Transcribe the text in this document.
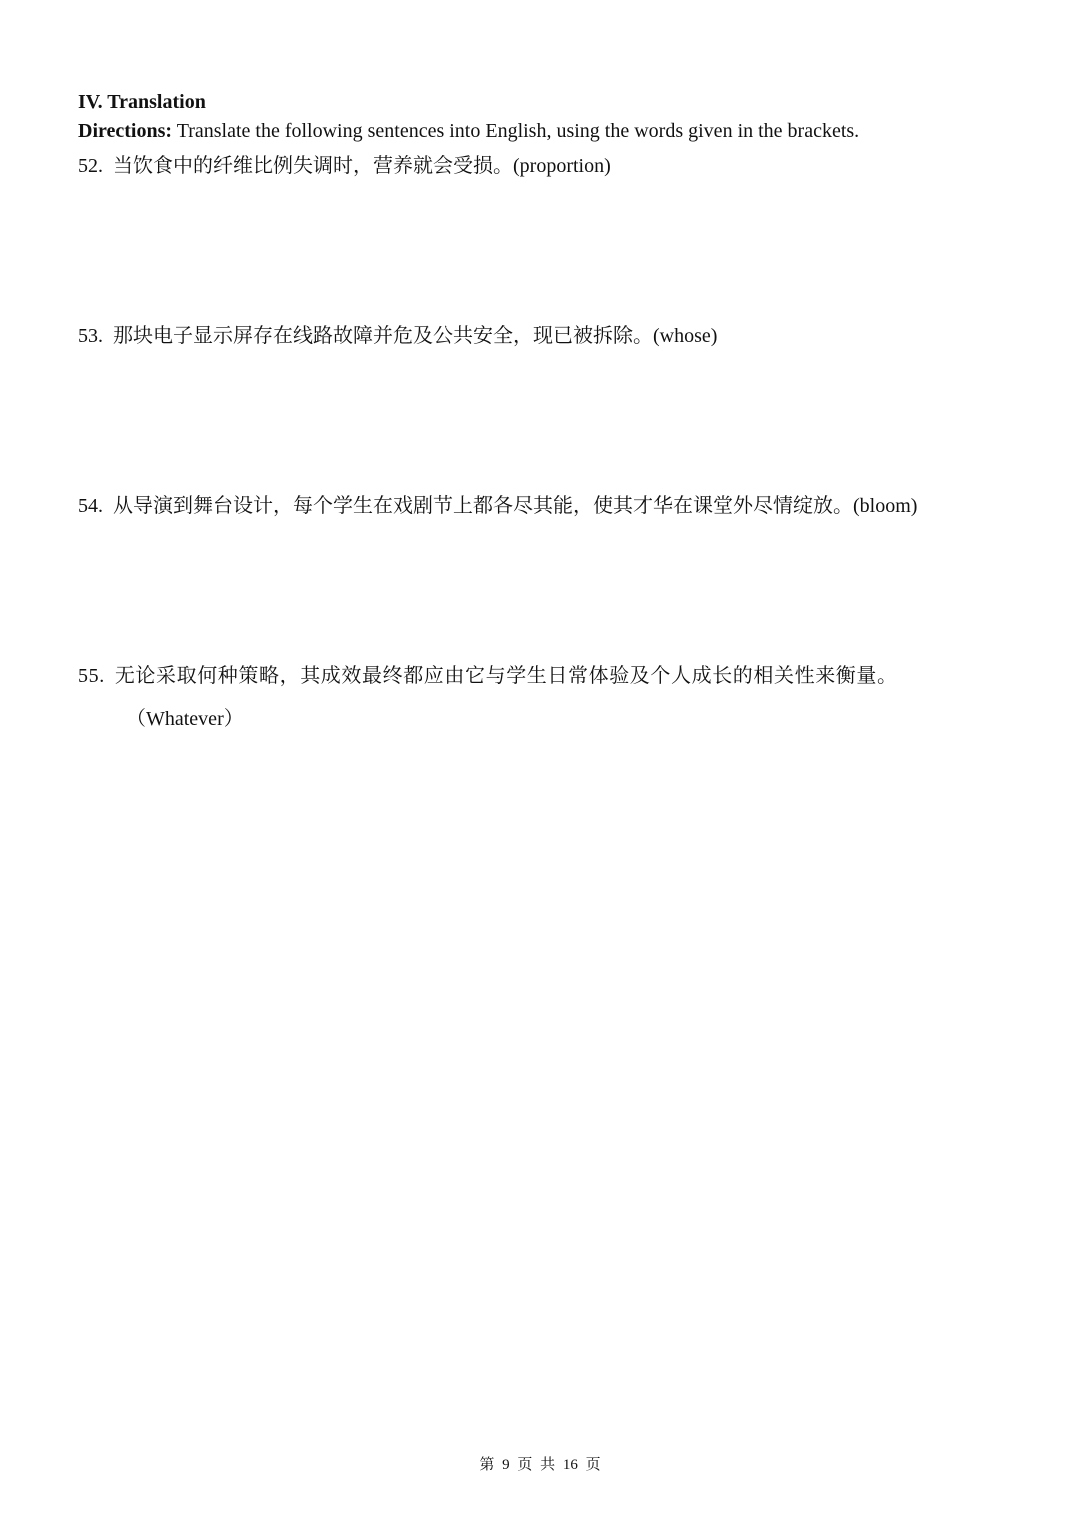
IV. Translation
Directions: Translate the following sentences into English, using the words given in the brackets.
52. 当饮食中的纤维比例失调时，营养就会受损。(proportion)
53. 那块电子显示屏存在线路故障并危及公共安全，现已被拆除。(whose)
54. 从导演到舞台设计，每个学生在戏剧节上都各尽其能，使其才华在课堂外尽情绽放。(bloom)
55. 无论采取何种策略，其成效最终都应由它与学生日常体验及个人成长的相关性来衡量。
（Whatever）
第 9 页 共 16 页
